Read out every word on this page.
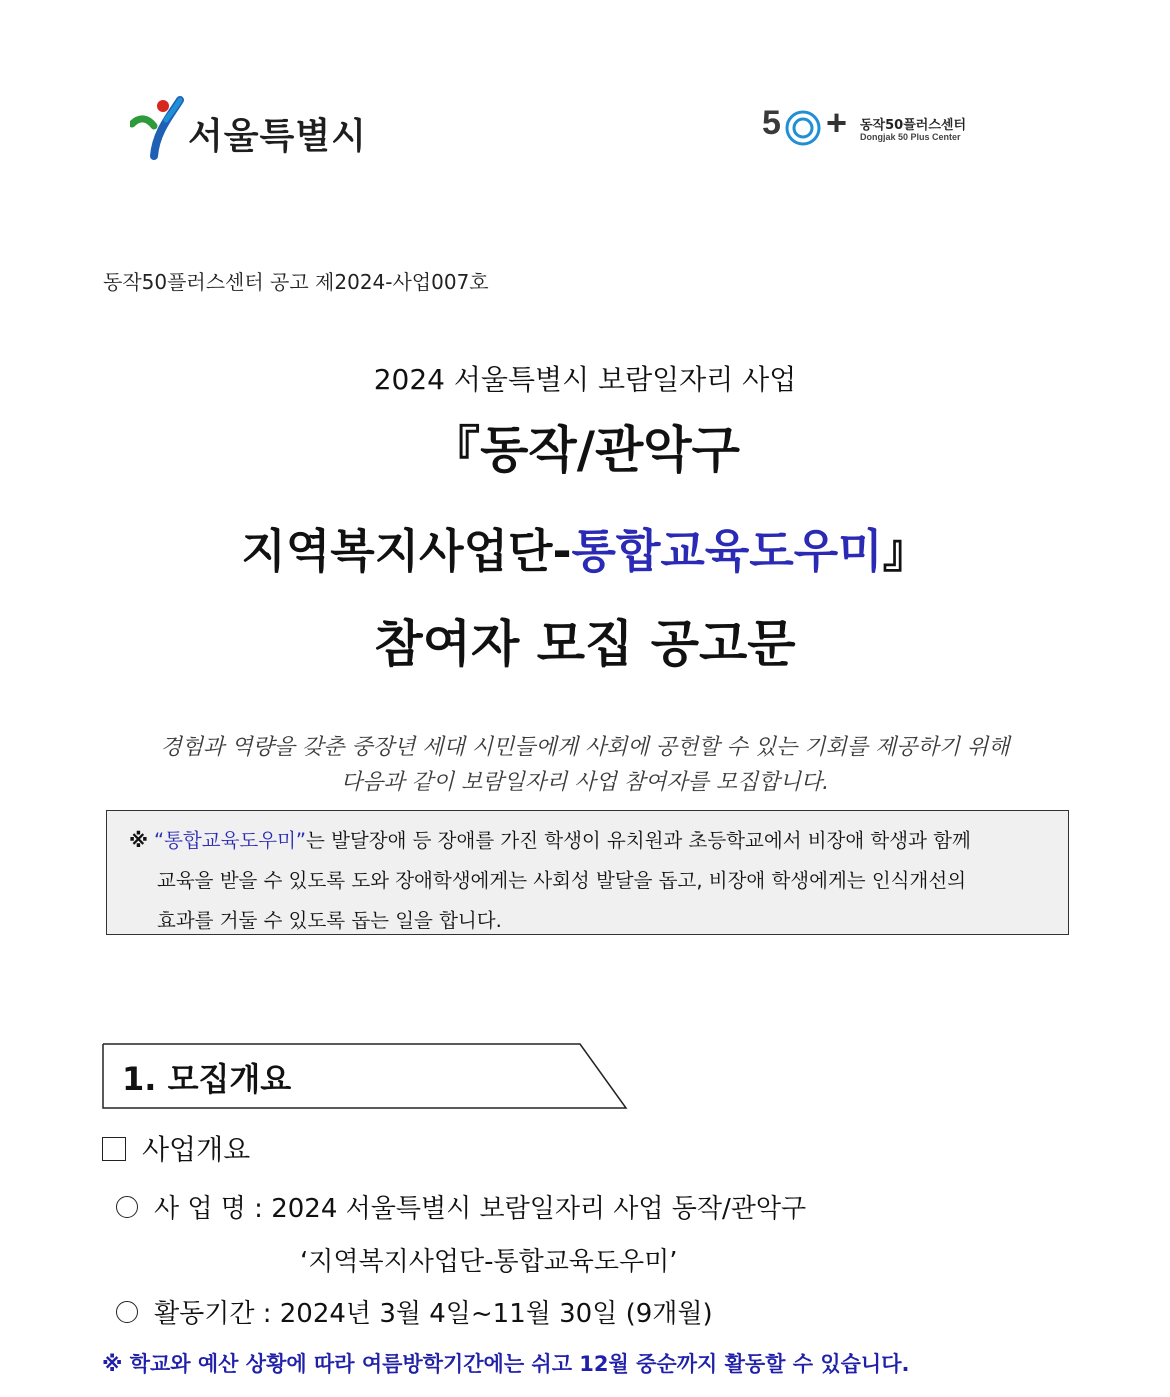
서울특별시	5 + 동작50플러스센터
Dongjak 50 Plus Center
동작50플러스센터 공고 제2024-사업007호
2024 서울특별시 보람일자리 사업
『동작/관악구
지역복지사업단-통합교육도우미』
참여자 모집 공고문
경험과 역량을 갖춘 중장년 세대 시민들에게 사회에 공헌할 수 있는 기회를 제공하기 위해
다음과 같이 보람일자리 사업 참여자를 모집합니다.
※ “통합교육도우미”는 발달장애 등 장애를 가진 학생이 유치원과 초등학교에서 비장애 학생과 함께
교육을 받을 수 있도록 도와 장애학생에게는 사회성 발달을 돕고, 비장애 학생에게는 인식개선의
효과를 거둘 수 있도록 돕는 일을 합니다.
1. 모집개요
사업개요
사 업 명 : 2024 서울특별시 보람일자리 사업 동작/관악구
‘지역복지사업단-통합교육도우미’
활동기간 : 2024년 3월 4일~11월 30일 (9개월)
※ 학교와 예산 상황에 따라 여름방학기간에는 쉬고 12월 중순까지 활동할 수 있습니다.
